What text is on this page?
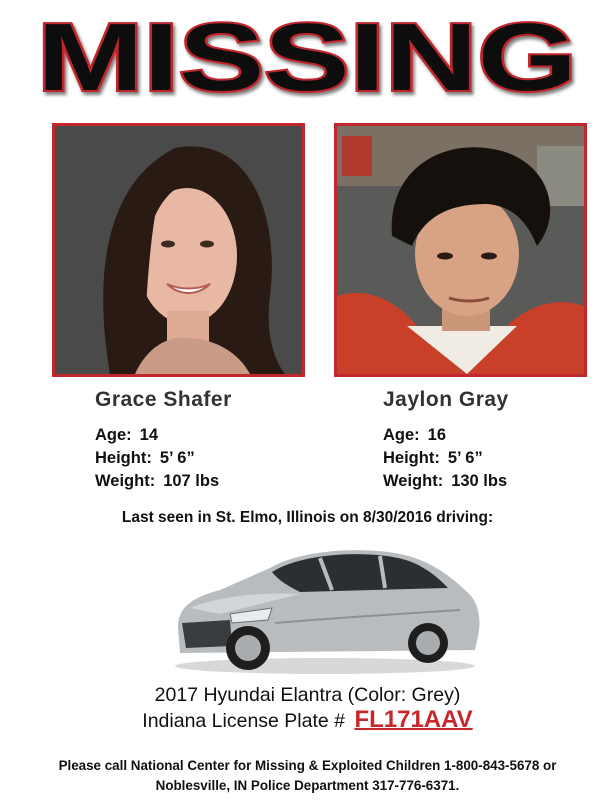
MISSING
Grace Shafer	Jaylon Gray
Age: 14
Height: 5’ 6”
Weight: 107 lbs
Age: 16
Height: 5’ 6”
Weight: 130 lbs
Last seen in St. Elmo, Illinois on 8/30/2016 driving:
2017 Hyundai Elantra (Color: Grey)
Indiana License Plate # FL171AAV
Please call National Center for Missing & Exploited Children 1-800-843-5678 or
Noblesville, IN Police Department 317-776-6371.
